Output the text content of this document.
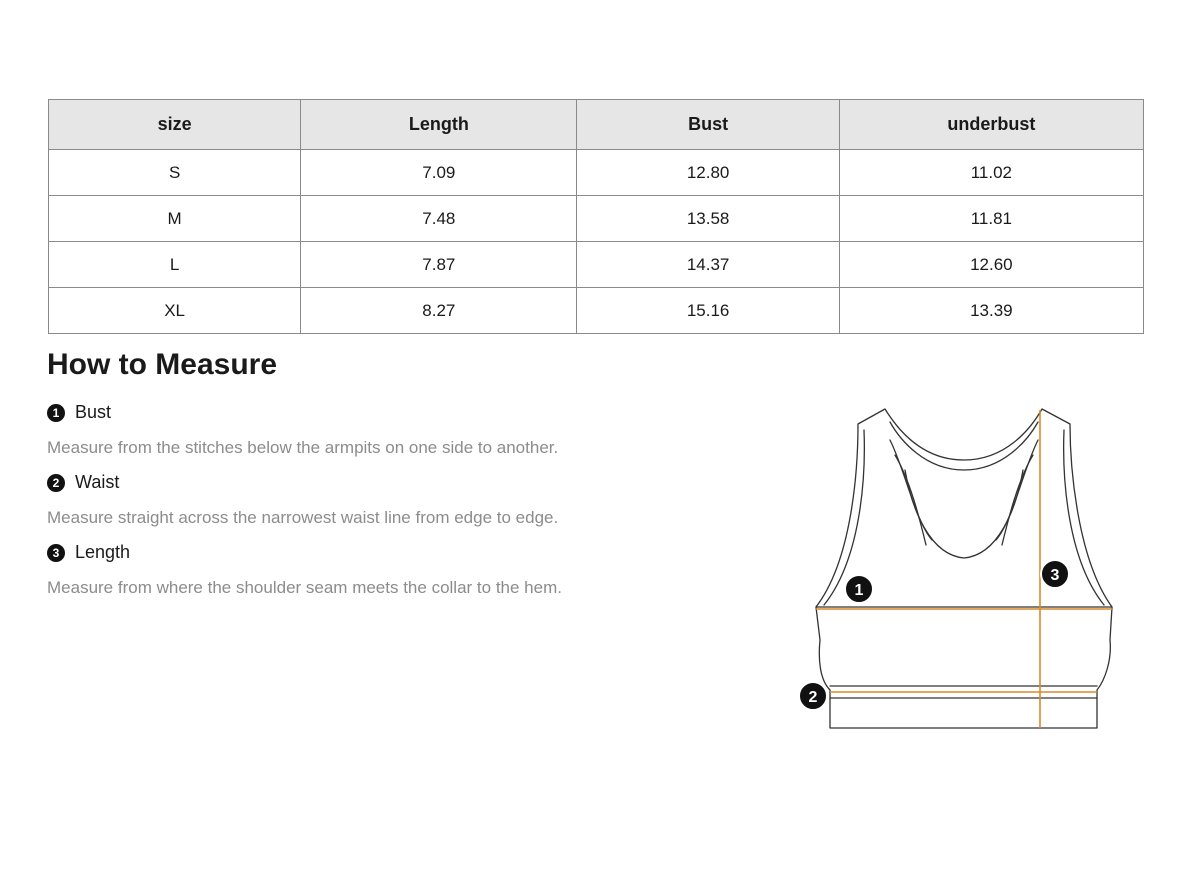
size	Length	Bust	underbust
S	7.09	12.80	11.02
M	7.48	13.58	11.81
L	7.87	14.37	12.60
XL	8.27	15.16	13.39
How to Measure
1 Bust

Measure from the stitches below the armpits on one side to another.

2 Waist

Measure straight across the narrowest waist line from edge to edge.

3 Length

Measure from where the shoulder seam meets the collar to the hem.	1
2
3
